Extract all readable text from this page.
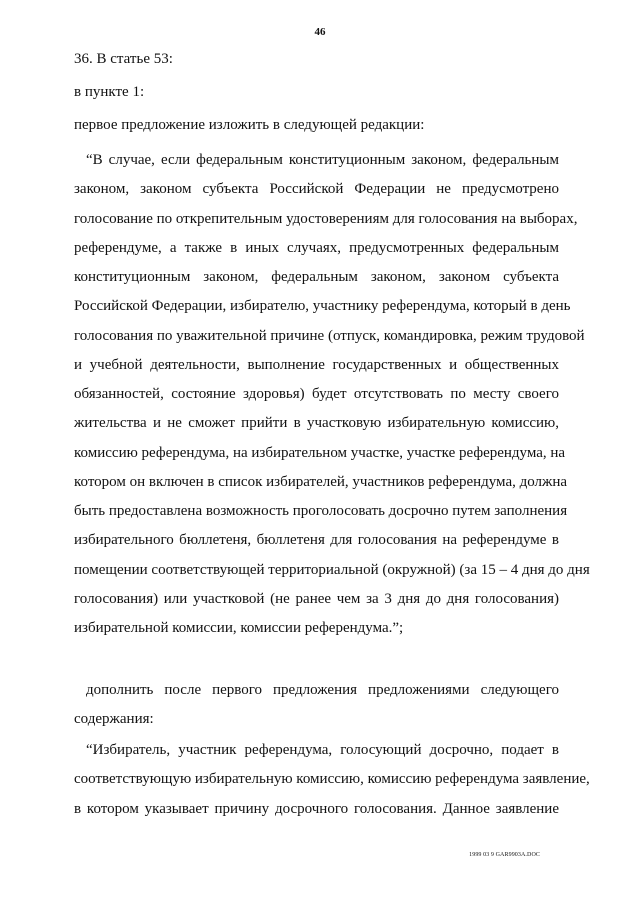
46
36. В статье 53:
в пункте 1:
первое предложение изложить в следующей редакции:
“В случае, если федеральным конституционным законом, федеральным
законом, законом субъекта Российской Федерации не предусмотрено
голосование по открепительным удостоверениям для голосования на выборах,
референдуме, а также в иных случаях, предусмотренных федеральным
конституционным законом, федеральным законом, законом субъекта
Российской Федерации, избирателю, участнику референдума, который в день
голосования по уважительной причине (отпуск, командировка, режим трудовой
и учебной деятельности, выполнение государственных и общественных
обязанностей, состояние здоровья) будет отсутствовать по месту своего
жительства и не сможет прийти в участковую избирательную комиссию,
комиссию референдума, на избирательном участке, участке референдума, на
котором он включен в список избирателей, участников референдума, должна
быть предоставлена возможность проголосовать досрочно путем заполнения
избирательного бюллетеня, бюллетеня для голосования на референдуме в
помещении соответствующей территориальной (окружной) (за 15 – 4 дня до дня
голосования) или участковой (не ранее чем за 3 дня до дня голосования)
избирательной комиссии, комиссии референдума.”;
дополнить после первого предложения предложениями следующего
содержания:
“Избиратель, участник референдума, голосующий досрочно, подает в
соответствующую избирательную комиссию, комиссию референдума заявление,
в котором указывает причину досрочного голосования. Данное заявление
1999 03 9 GAR9903A.DOC
